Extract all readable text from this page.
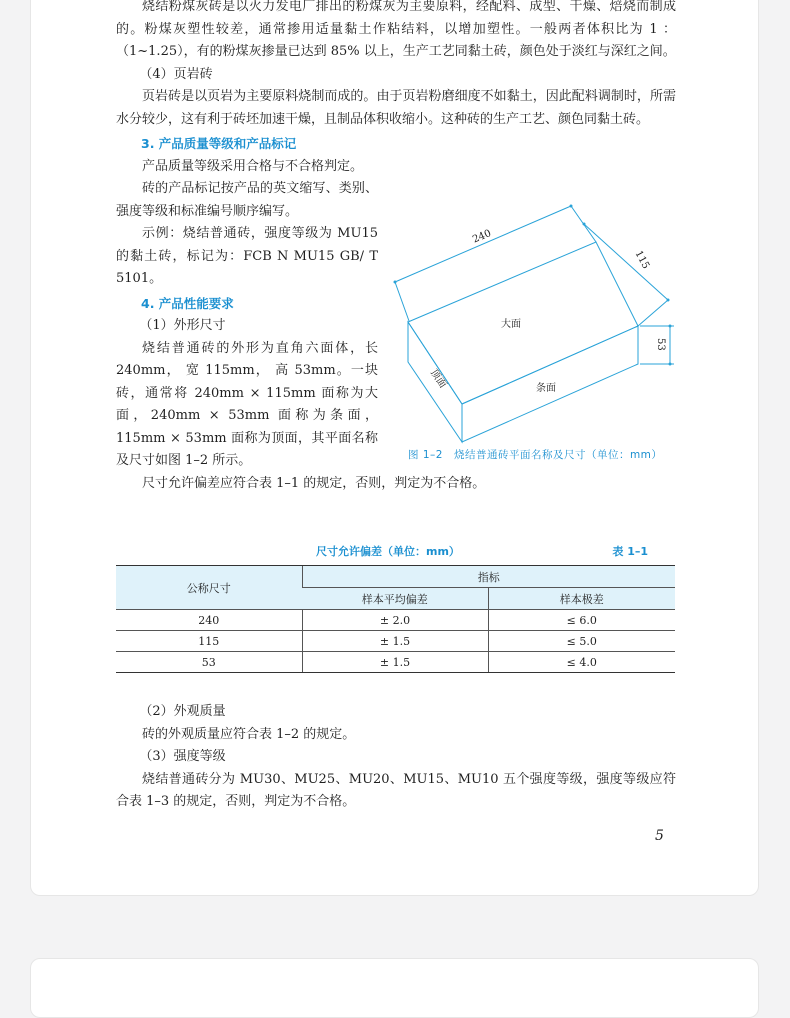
烧结粉煤灰砖是以火力发电厂排出的粉煤灰为主要原料，经配料、成型、干燥、焙烧而制成的。粉煤灰塑性较差，通常掺用适量黏土作粘结料，以增加塑性。一般两者体积比为 1 ：（1~1.25），有的粉煤灰掺量已达到 85% 以上，生产工艺同黏土砖，颜色处于淡红与深红之间。

（4）页岩砖

页岩砖是以页岩为主要原料烧制而成的。由于页岩粉磨细度不如黏土，因此配料调制时，所需水分较少，这有利于砖坯加速干燥，且制品体积收缩小。这种砖的生产工艺、颜色同黏土砖。

3. 产品质量等级和产品标记

产品质量等级采用合格与不合格判定。

砖的产品标记按产品的英文缩写、类别、强度等级和标准编号顺序编写。

示例：烧结普通砖，强度等级为 MU15 的黏土砖，标记为：FCB N MU15 GB/ T 5101。

4. 产品性能要求

（1）外形尺寸

烧结普通砖的外形为直角六面体，长 240mm， 宽 115mm， 高 53mm。一块砖，通常将 240mm × 115mm 面称为大面，240mm × 53mm 面称为条面，115mm × 53mm 面称为顶面，其平面名称及尺寸如图 1–2 所示。

尺寸允许偏差应符合表 1–1 的规定，否则，判定为不合格。

240
115
53
大面
条面
顶面
图 1–2　烧结普通砖平面名称及尺寸（单位：mm）
尺寸允许偏差（单位：mm）	表 1–1
公称尺寸	指标	
	样本平均偏差	样本极差
240	± 2.0	≤ 6.0
115	± 1.5	≤ 5.0
53	± 1.5	≤ 4.0

（2）外观质量

砖的外观质量应符合表 1–2 的规定。

（3）强度等级

烧结普通砖分为 MU30、MU25、MU20、MU15、MU10 五个强度等级，强度等级应符合表 1–3 的规定，否则，判定为不合格。

5
